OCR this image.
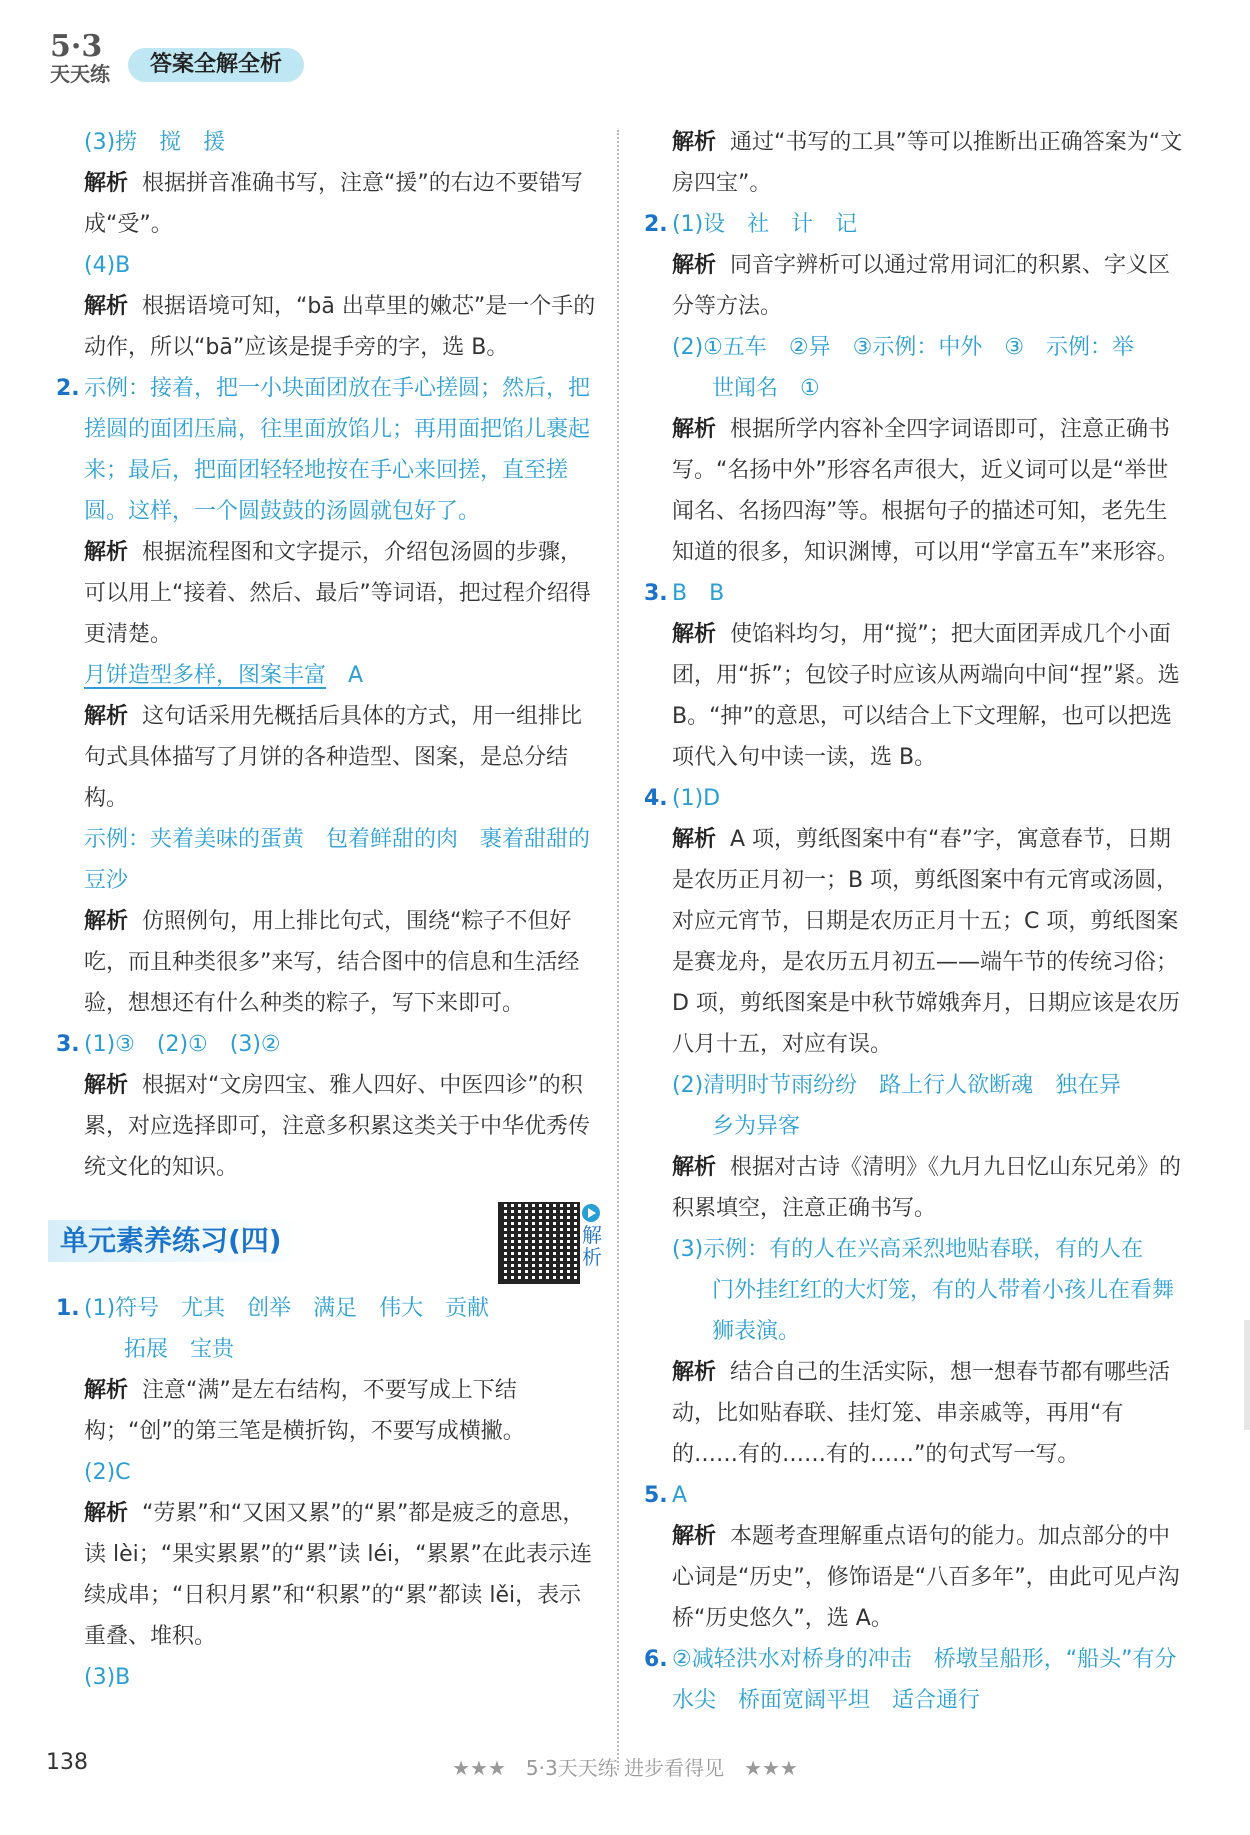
5·3
天天练	答案全解全析

(3)捞　搅　援

解析 根据拼音准确书写，注意“援”的右边不要错写成“受”。

(4)B

解析 根据语境可知，“bā 出草里的嫩芯”是一个手的动作，所以“bā”应该是提手旁的字，选 B。

2. 示例：接着，把一小块面团放在手心搓圆；然后，把搓圆的面团压扁，往里面放馅儿；再用面把馅儿裹起来；最后，把面团轻轻地按在手心来回搓，直至搓圆。这样，一个圆鼓鼓的汤圆就包好了。

解析 根据流程图和文字提示，介绍包汤圆的步骤，可以用上“接着、然后、最后”等词语，把过程介绍得更清楚。

月饼造型多样，图案丰富　A

解析 这句话采用先概括后具体的方式，用一组排比句式具体描写了月饼的各种造型、图案，是总分结构。

示例：夹着美味的蛋黄　包着鲜甜的肉　裹着甜甜的豆沙

解析 仿照例句，用上排比句式，围绕“粽子不但好吃，而且种类很多”来写，结合图中的信息和生活经验，想想还有什么种类的粽子，写下来即可。

3. (1)③　(2)①　(3)②

解析 根据对“文房四宝、雅人四好、中医四诊”的积累，对应选择即可，注意多积累这类关于中华优秀传统文化的知识。

单元素养练习(四)	解析

1. (1)符号　尤其　创举　满足　伟大　贡献

拓展　宝贵

解析 注意“满”是左右结构，不要写成上下结构；“创”的第三笔是横折钩，不要写成横撇。

(2)C

解析 “劳累”和“又困又累”的“累”都是疲乏的意思，读 lèi；“果实累累”的“累”读 léi，“累累”在此表示连续成串；“日积月累”和“积累”的“累”都读 lěi，表示重叠、堆积。

(3)B

解析 通过“书写的工具”等可以推断出正确答案为“文房四宝”。

2. (1)设　社　计　记

解析 同音字辨析可以通过常用词汇的积累、字义区分等方法。

(2)①五车　②异　③示例：中外　③　示例：举

世闻名　①

解析 根据所学内容补全四字词语即可，注意正确书写。“名扬中外”形容名声很大，近义词可以是“举世闻名、名扬四海”等。根据句子的描述可知，老先生知道的很多，知识渊博，可以用“学富五车”来形容。

3. B　B

解析 使馅料均匀，用“搅”；把大面团弄成几个小面团，用“拆”；包饺子时应该从两端向中间“捏”紧。选 B。“抻”的意思，可以结合上下文理解，也可以把选项代入句中读一读，选 B。

4. (1)D

解析 A 项，剪纸图案中有“春”字，寓意春节，日期是农历正月初一；B 项，剪纸图案中有元宵或汤圆，对应元宵节，日期是农历正月十五；C 项，剪纸图案是赛龙舟，是农历五月初五——端午节的传统习俗；D 项，剪纸图案是中秋节嫦娥奔月，日期应该是农历八月十五，对应有误。

(2)清明时节雨纷纷　路上行人欲断魂　独在异

乡为异客

解析 根据对古诗《清明》《九月九日忆山东兄弟》的积累填空，注意正确书写。

(3)示例：有的人在兴高采烈地贴春联，有的人在

门外挂红红的大灯笼，有的人带着小孩儿在看舞狮表演。

解析 结合自己的生活实际，想一想春节都有哪些活动，比如贴春联、挂灯笼、串亲戚等，再用“有的……有的……有的……”的句式写一写。

5. A

解析 本题考查理解重点语句的能力。加点部分的中心词是“历史”，修饰语是“八百多年”，由此可见卢沟桥“历史悠久”，选 A。

6. ②减轻洪水对桥身的冲击　桥墩呈船形，“船头”有分水尖　桥面宽阔平坦　适合通行

138	★★★　5·3天天练 进步看得见　★★★
